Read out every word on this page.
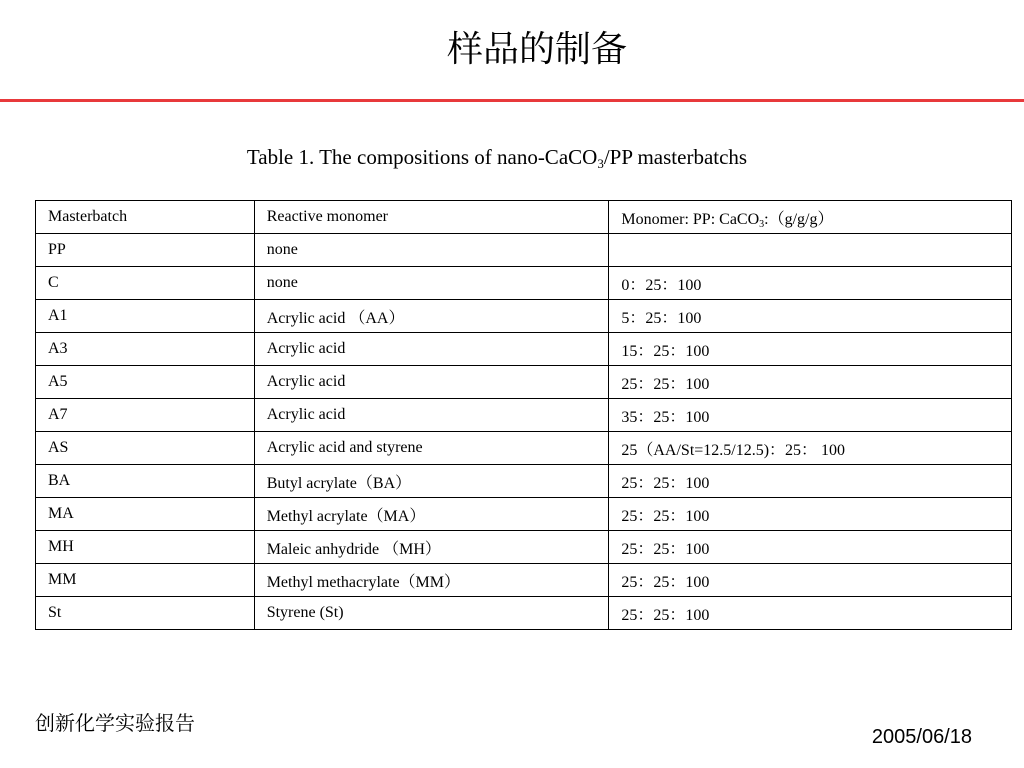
样品的制备
Table 1. The compositions of nano-CaCO$_3$/PP masterbatchs
Masterbatch	Reactive monomer	Monomer: PP: CaCO$_3$:（g/g/g）
PP	none	
C	none	0：25：100
A1	Acrylic acid （AA）	5：25：100
A3	Acrylic acid	15：25：100
A5	Acrylic acid	25：25：100
A7	Acrylic acid	35：25：100
AS	Acrylic acid and styrene	25（AA/St=12.5/12.5)：25： 100
BA	Butyl acrylate（BA）	25：25：100
MA	Methyl acrylate（MA）	25：25：100
MH	Maleic anhydride （MH）	25：25：100
MM	Methyl methacrylate（MM）	25：25：100
St	Styrene (St)	25：25：100
创新化学实验报告
2005/06/18
